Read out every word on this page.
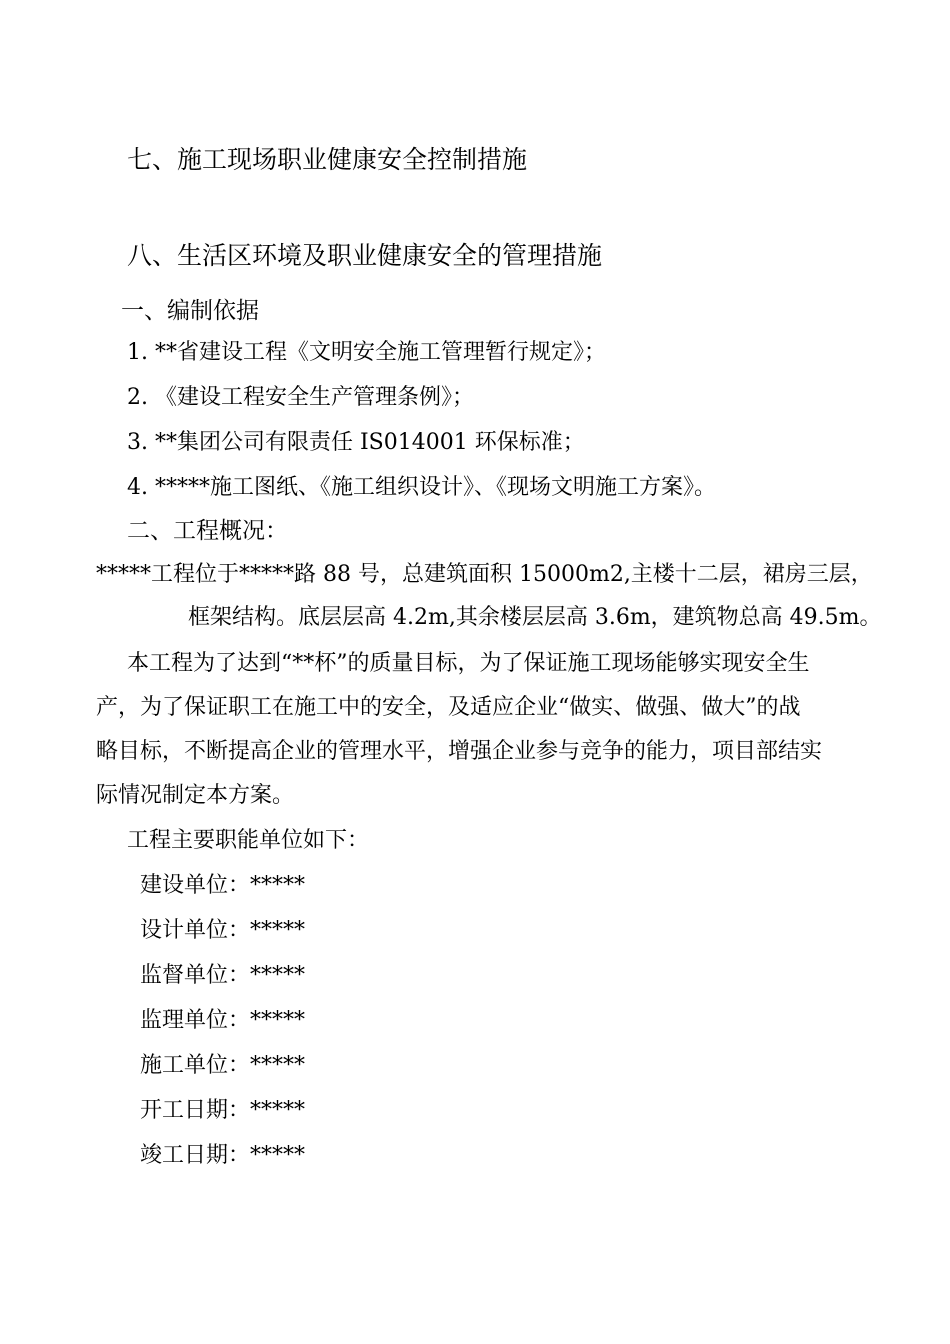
七、施工现场职业健康安全控制措施
八、生活区环境及职业健康安全的管理措施
一、编制依据
1. **省建设工程《文明安全施工管理暂行规定》；
2. 《建设工程安全生产管理条例》；
3. **集团公司有限责任 IS014001 环保标准；
4. *****施工图纸、《施工组织设计》、《现场文明施工方案》。
二、工程概况：
*****工程位于*****路 88 号，总建筑面积 15000m2,主楼十二层，裙房三层，
框架结构。底层层高 4.2m,其余楼层层高 3.6m，建筑物总高 49.5m。
本工程为了达到“**杯”的质量目标，为了保证施工现场能够实现安全生
产，为了保证职工在施工中的安全，及适应企业“做实、做强、做大”的战
略目标，不断提高企业的管理水平，增强企业参与竞争的能力，项目部结实
际情况制定本方案。
工程主要职能单位如下：
建设单位：*****
设计单位：*****
监督单位：*****
监理单位：*****
施工单位：*****
开工日期：*****
竣工日期：*****
